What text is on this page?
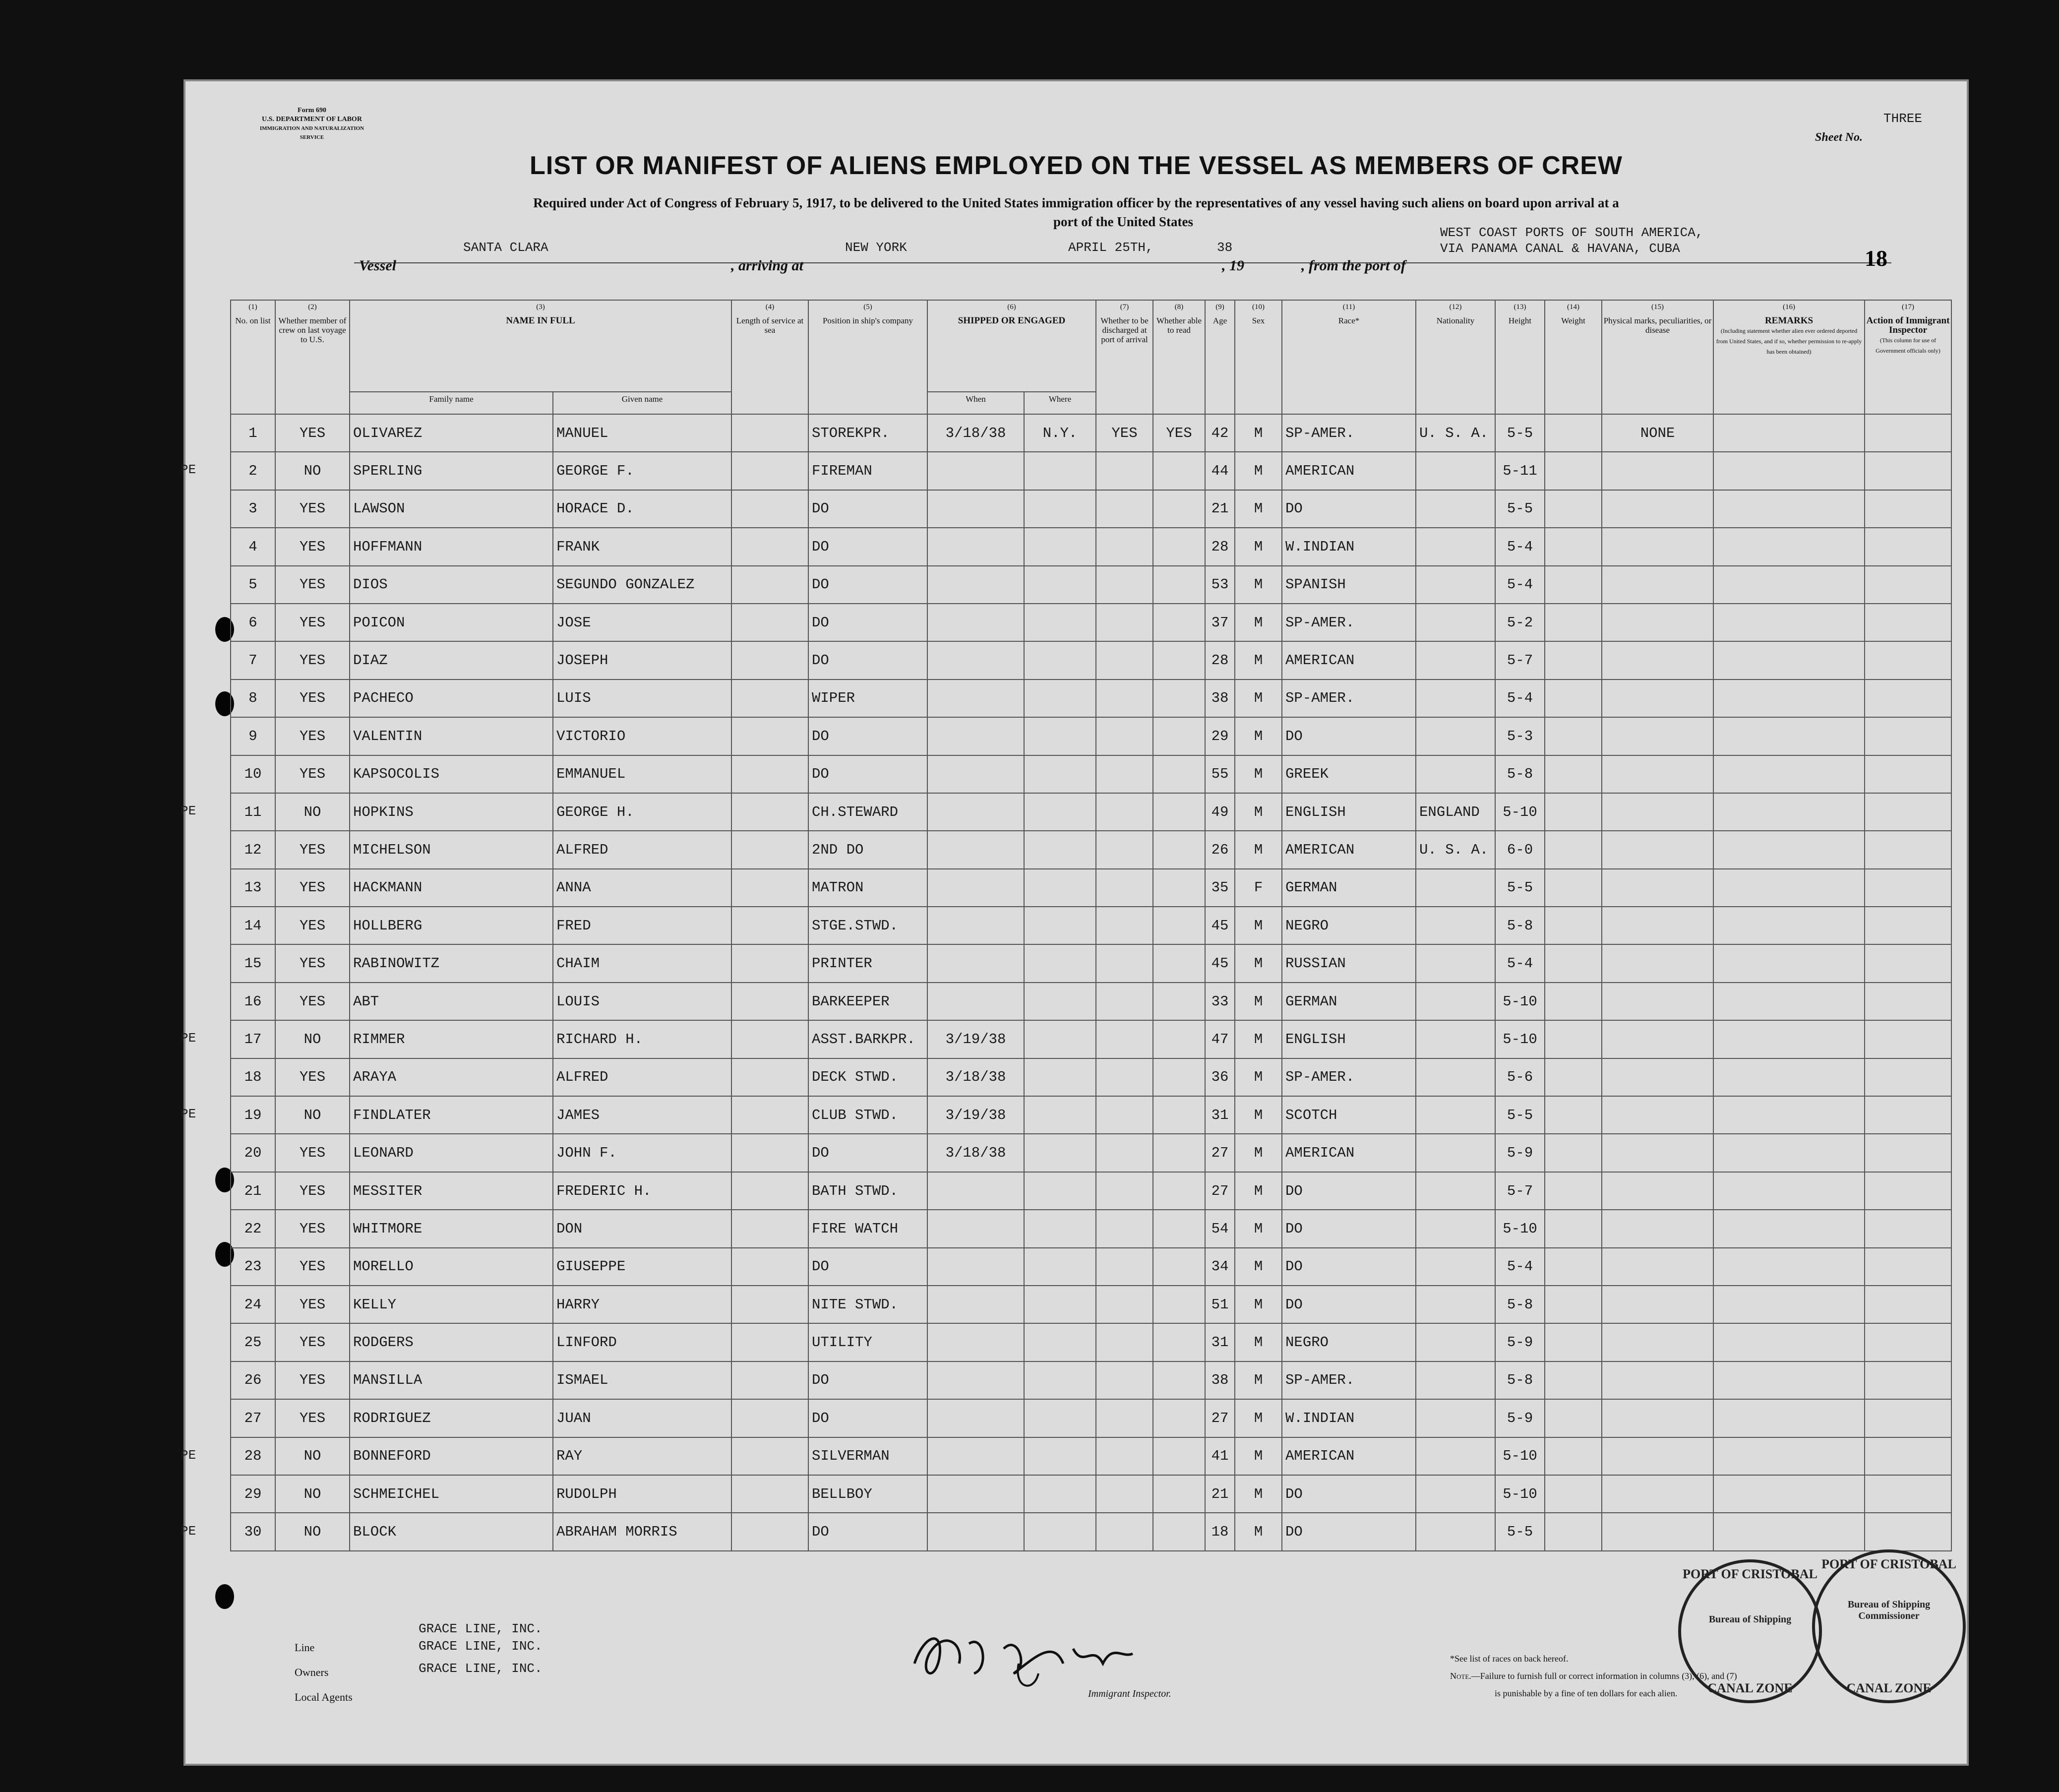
Form 690
U.S. DEPARTMENT OF LABOR
IMMIGRATION AND NATURALIZATION SERVICE
THREE
Sheet No.
LIST OR MANIFEST OF ALIENS EMPLOYED ON THE VESSEL AS MEMBERS OF CREW
Required under Act of Congress of February 5, 1917, to be delivered to the United States immigration officer by the representatives of any vessel having such aliens on board upon arrival at a
port of the United States
Vessel
SANTA CLARA
, arriving at
NEW YORK	APRIL 25TH,
, 19
38
, from the port of
WEST COAST PORTS OF SOUTH AMERICA,
VIA PANAMA CANAL & HAVANA, CUBA	18
(1)
No. on list	(2)
Whether member of crew on last voyage to U.S.	(3)
NAME IN FULL		(4)
Length of service at sea	(5)
Position in ship's company	(6)
SHIPPED OR ENGAGED		(7)
Whether to be discharged at port of arrival	(8)
Whether able to read	(9)
Age	(10)
Sex	(11)
Race*	(12)
Nationality	(13)
Height	(14)
Weight	(15)
Physical marks, peculiarities, or disease	(16)
REMARKS
(Including statement whether alien ever ordered deported from United States, and if so, whether permission to re-apply has been obtained)	(17)
Action of Immigrant Inspector
(This column for use of Government officials only)
		Family name	Given name			When	Where											
1	YES	OLIVAREZ	MANUEL		STOREKPR.	3/18/38	N.Y.	YES	YES	42	M	SP-AMER.	U. S. A.	5-5		NONE		
2	NO	SPERLING	GEORGE F.		FIREMAN					44	M	AMERICAN		5-11				
3	YES	LAWSON	HORACE D.		DO					21	M	DO		5-5				
4	YES	HOFFMANN	FRANK		DO					28	M	W.INDIAN		5-4				
5	YES	DIOS	SEGUNDO GONZALEZ		DO					53	M	SPANISH		5-4				
6	YES	POICON	JOSE		DO					37	M	SP-AMER.		5-2				
7	YES	DIAZ	JOSEPH		DO					28	M	AMERICAN		5-7				
8	YES	PACHECO	LUIS		WIPER					38	M	SP-AMER.		5-4				
9	YES	VALENTIN	VICTORIO		DO					29	M	DO		5-3				
10	YES	KAPSOCOLIS	EMMANUEL		DO					55	M	GREEK		5-8				
11	NO	HOPKINS	GEORGE H.		CH.STEWARD					49	M	ENGLISH	ENGLAND	5-10				
12	YES	MICHELSON	ALFRED		2ND DO					26	M	AMERICAN	U. S. A.	6-0				
13	YES	HACKMANN	ANNA		MATRON					35	F	GERMAN		5-5				
14	YES	HOLLBERG	FRED		STGE.STWD.					45	M	NEGRO		5-8				
15	YES	RABINOWITZ	CHAIM		PRINTER					45	M	RUSSIAN		5-4				
16	YES	ABT	LOUIS		BARKEEPER					33	M	GERMAN		5-10				
17	NO	RIMMER	RICHARD H.		ASST.BARKPR.	3/19/38				47	M	ENGLISH		5-10				
18	YES	ARAYA	ALFRED		DECK STWD.	3/18/38				36	M	SP-AMER.		5-6				
19	NO	FINDLATER	JAMES		CLUB STWD.	3/19/38				31	M	SCOTCH		5-5				
20	YES	LEONARD	JOHN F.		DO	3/18/38				27	M	AMERICAN		5-9				
21	YES	MESSITER	FREDERIC H.		BATH STWD.					27	M	DO		5-7				
22	YES	WHITMORE	DON		FIRE WATCH					54	M	DO		5-10				
23	YES	MORELLO	GIUSEPPE		DO					34	M	DO		5-4				
24	YES	KELLY	HARRY		NITE STWD.					51	M	DO		5-8				
25	YES	RODGERS	LINFORD		UTILITY					31	M	NEGRO		5-9				
26	YES	MANSILLA	ISMAEL		DO					38	M	SP-AMER.		5-8				
27	YES	RODRIGUEZ	JUAN		DO					27	M	W.INDIAN		5-9				
28	NO	BONNEFORD	RAY		SILVERMAN					41	M	AMERICAN		5-10				
29	NO	SCHMEICHEL	RUDOLPH		BELLBOY					21	M	DO		5-10				
30	NO	BLOCK	ABRAHAM MORRIS		DO					18	M	DO		5-5				
GRACE LINE, INC.
Line	GRACE LINE, INC.
Owners	GRACE LINE, INC.
Local Agents	Immigrant Inspector.
*See list of races on back hereof.
Note.—Failure to furnish full or correct information in columns (3), (6), and (7)
is punishable by a fine of ten dollars for each alien.
PORT OF CRISTOBAL
Bureau of Shipping
CANAL ZONE
PORT OF CRISTOBAL
Bureau of Shipping Commissioner
CANAL ZONE
PE
PE
PE
PE
PE
PE
